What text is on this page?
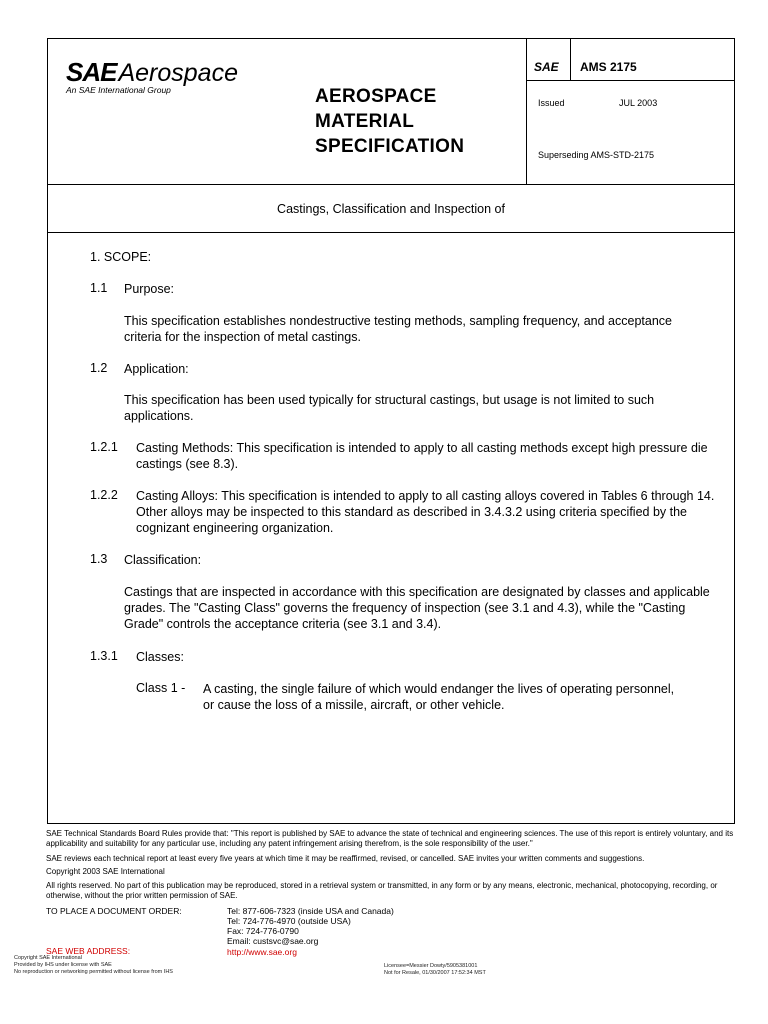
SAEAerospace
An SAE International Group	AEROSPACE
MATERIAL
SPECIFICATION
SAE AMS 2175
Issued	JUL 2003
Superseding AMS-STD-2175
Castings, Classification and Inspection of
1. SCOPE:
1.1 Purpose:
This specification establishes nondestructive testing methods, sampling frequency, and acceptance criteria for the inspection of metal castings.
1.2 Application:
This specification has been used typically for structural castings, but usage is not limited to such applications.
1.2.1 Casting Methods: This specification is intended to apply to all casting methods except high pressure die castings (see 8.3).
1.2.2 Casting Alloys: This specification is intended to apply to all casting alloys covered in Tables 6 through 14. Other alloys may be inspected to this standard as described in 3.4.3.2 using criteria specified by the cognizant engineering organization.
1.3 Classification:
Castings that are inspected in accordance with this specification are designated by classes and applicable grades. The "Casting Class" governs the frequency of inspection (see 3.1 and 4.3), while the "Casting Grade" controls the acceptance criteria (see 3.1 and 3.4).
1.3.1 Classes:
Class 1 - A casting, the single failure of which would endanger the lives of operating personnel, or cause the loss of a missile, aircraft, or other vehicle.
SAE Technical Standards Board Rules provide that: "This report is published by SAE to advance the state of technical and engineering sciences. The use of this report is entirely voluntary, and its applicability and suitability for any particular use, including any patent infringement arising therefrom, is the sole responsibility of the user."
SAE reviews each technical report at least every five years at which time it may be reaffirmed, revised, or cancelled. SAE invites your written comments and suggestions.
Copyright 2003 SAE International
All rights reserved. No part of this publication may be reproduced, stored in a retrieval system or transmitted, in any form or by any means, electronic, mechanical, photocopying, recording, or otherwise, without the prior written permission of SAE.
TO PLACE A DOCUMENT ORDER:	Tel: 877-606-7323 (inside USA and Canada)
Tel: 724-776-4970 (outside USA)
Fax: 724-776-0790
Email: custsvc@sae.org
SAE WEB ADDRESS:	http://www.sae.org
Copyright SAE International
Provided by IHS under license with SAE
No reproduction or networking permitted without license from IHS
Licensee=Messier Dowty/5905381001
Not for Resale, 01/30/2007 17:52:34 MST
